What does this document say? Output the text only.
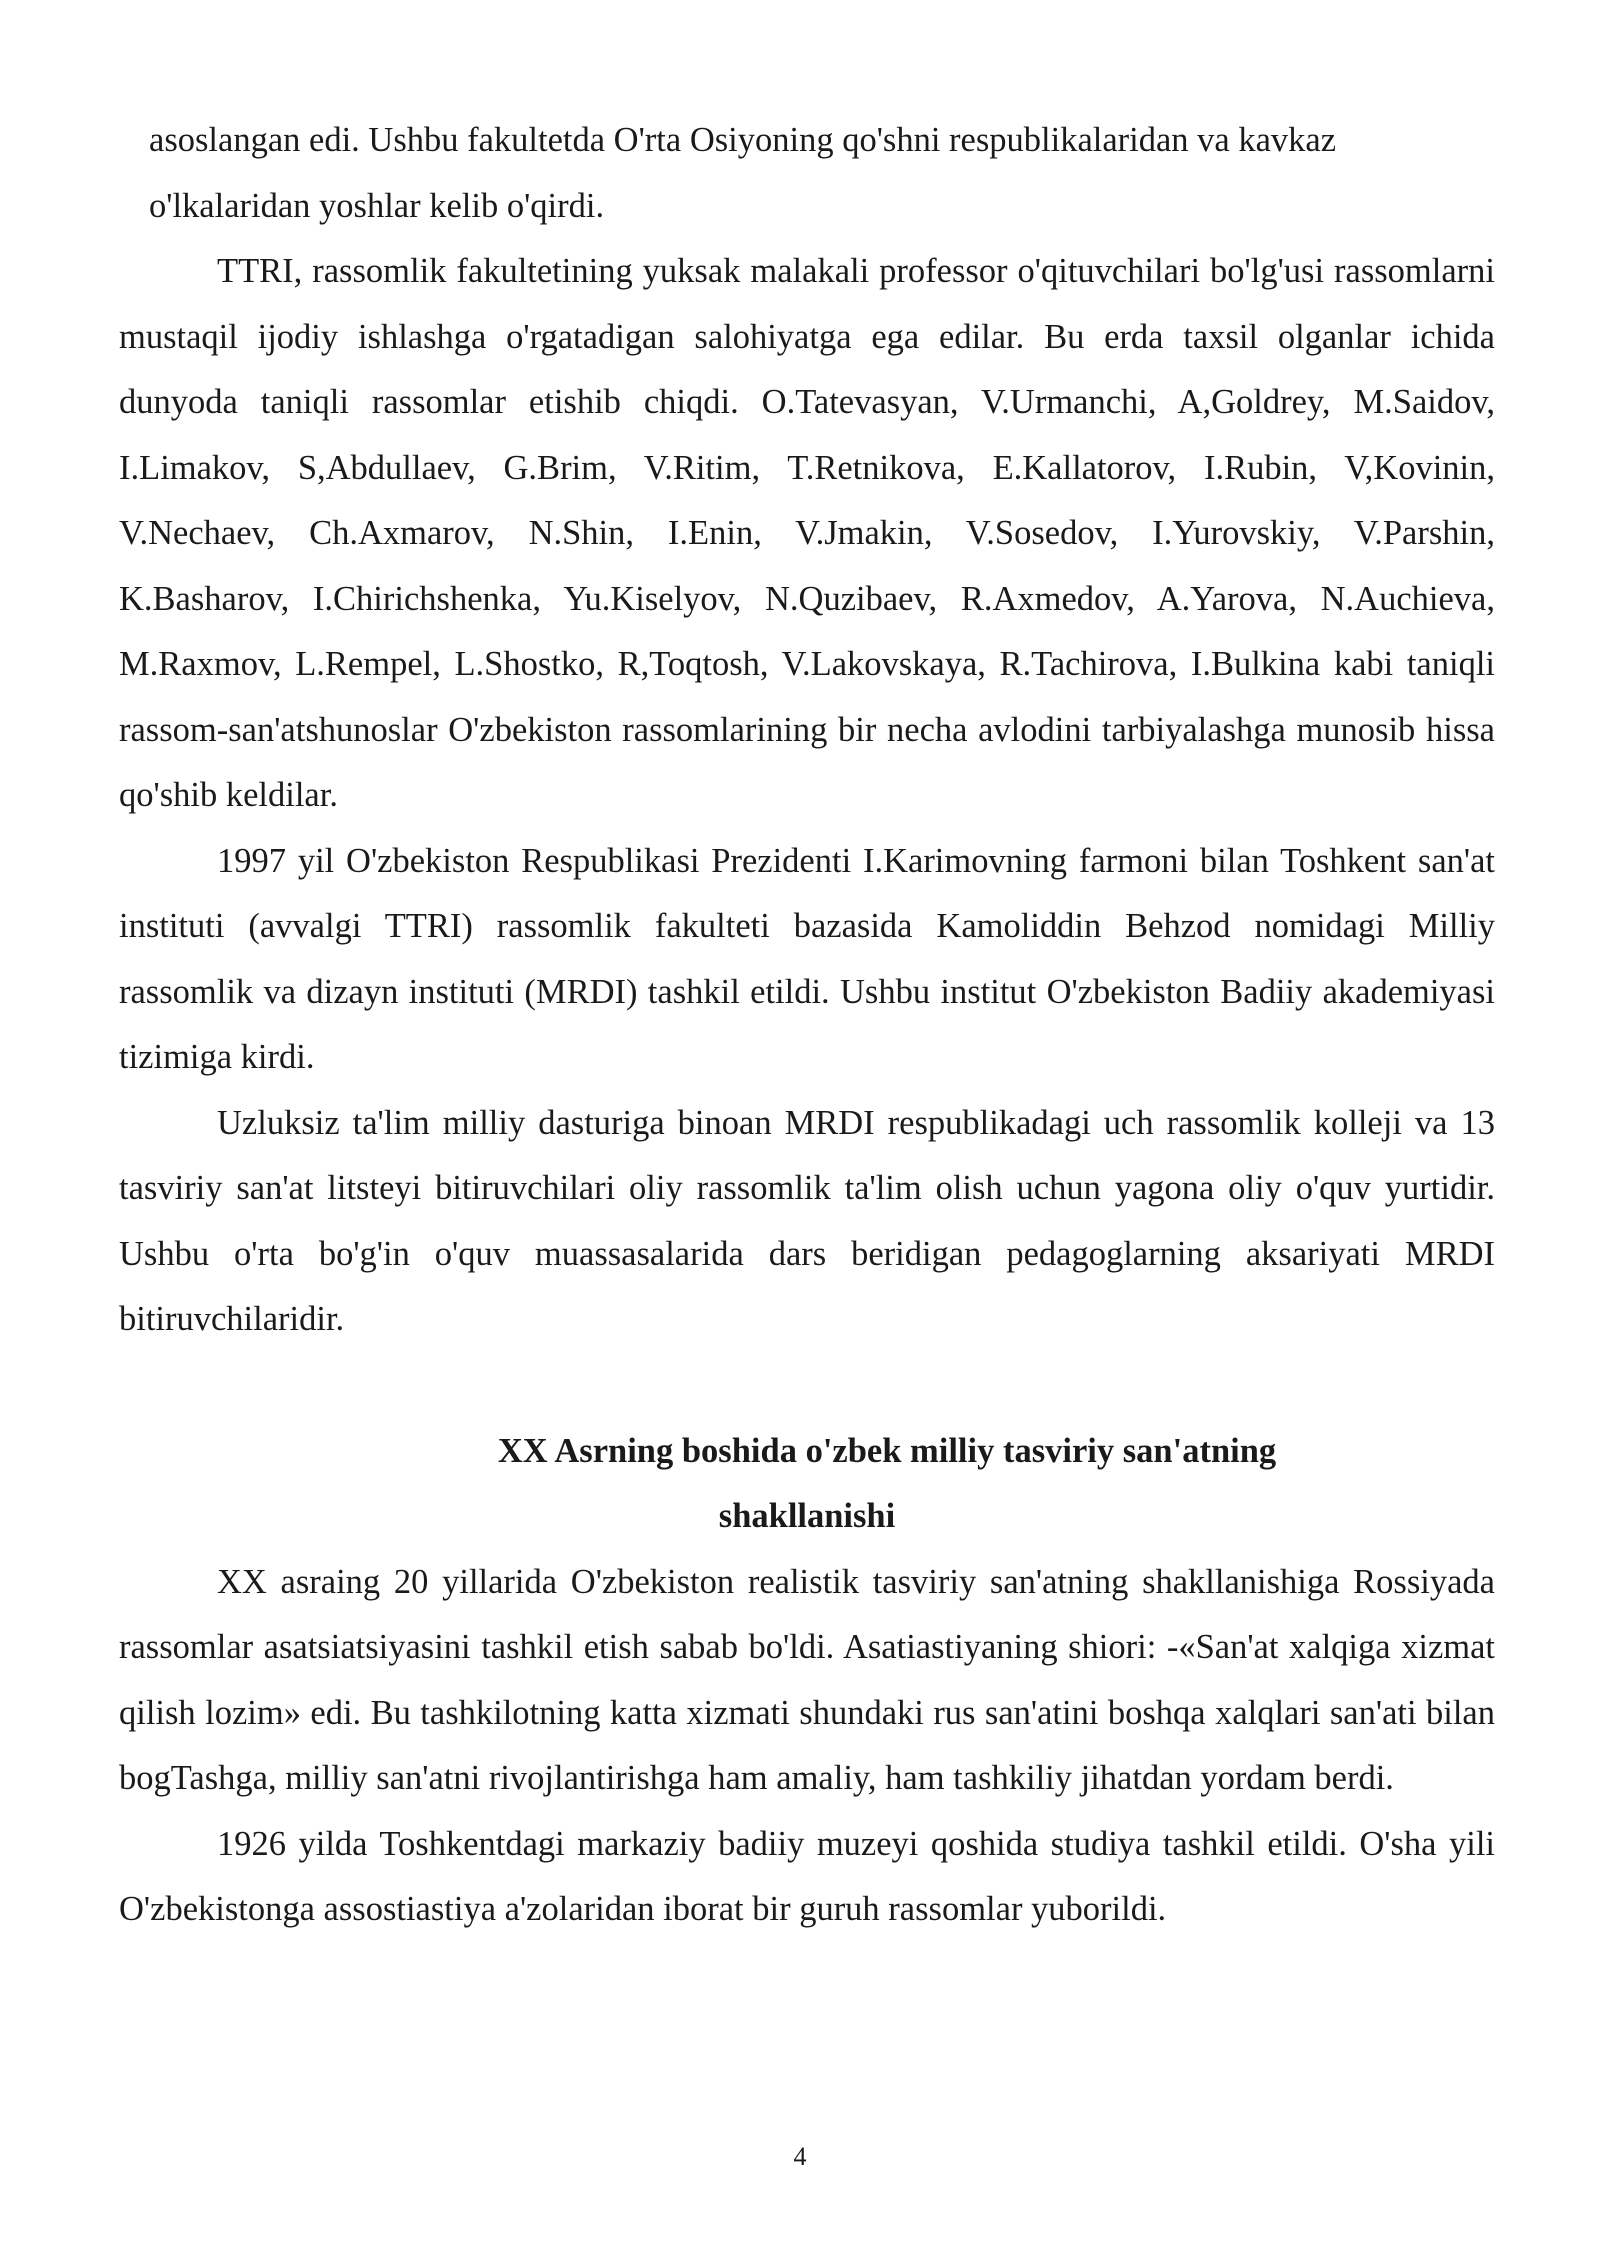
asoslangan edi. Ushbu fakultetda O'rta Osiyoning qo'shni respublikalaridan va kavkaz o'lkalaridan yoshlar kelib o'qirdi.

TTRI, rassomlik fakultetining yuksak malakali professor o'qituvchilari bo'lg'usi rassomlarni mustaqil ijodiy ishlashga o'rgatadigan salohiyatga ega edilar. Bu erda taxsil olganlar ichida dunyoda taniqli rassomlar etishib chiqdi. O.Tatevasyan, V.Urmanchi, A,Goldrey, M.Saidov, I.Limakov, S,Abdullaev, G.Brim, V.Ritim, T.Retnikova, E.Kallatorov, I.Rubin, V,Kovinin, V.Nechaev, Ch.Axmarov, N.Shin, I.Enin, V.Jmakin, V.Sosedov, I.Yurovskiy, V.Parshin, K.Basharov, I.Chirichshenka, Yu.Kiselyov, N.Quzibaev, R.Axmedov, A.Yarova, N.Auchieva, M.Raxmov, L.Rempel, L.Shostko, R,Toqtosh, V.Lakovskaya, R.Tachirova, I.Bulkina kabi taniqli rassom-san'atshunoslar O'zbekiston rassomlarining bir necha avlodini tarbiyalashga munosib hissa qo'shib keldilar.

1997 yil O'zbekiston Respublikasi Prezidenti I.Karimovning farmoni bilan Toshkent san'at instituti (avvalgi TTRI) rassomlik fakulteti bazasida Kamoliddin Behzod nomidagi Milliy rassomlik va dizayn instituti (MRDI) tashkil etildi. Ushbu institut O'zbekiston Badiiy akademiyasi tizimiga kirdi.

Uzluksiz ta'lim milliy dasturiga binoan MRDI respublikadagi uch rassomlik kolleji va 13 tasviriy san'at litsteyi bitiruvchilari oliy rassomlik ta'lim olish uchun yagona oliy o'quv yurtidir. Ushbu o'rta bo'g'in o'quv muassasalarida dars beridigan pedagoglarning aksariyati MRDI bitiruvchilaridir.

XX Asrning boshida o'zbek milliy tasviriy san'atning
shakllanishi

XX asraing 20 yillarida O'zbekiston realistik tasviriy san'atning shakllanishiga Rossiyada rassomlar asatsiatsiyasini tashkil etish sabab bo'ldi. Asatiastiyaning shiori: -«San'at xalqiga xizmat qilish lozim» edi. Bu tashkilotning katta xizmati shundaki rus san'atini boshqa xalqlari san'ati bilan bogTashga, milliy san'atni rivojlantirishga ham amaliy, ham tashkiliy jihatdan yordam berdi.

1926 yilda Toshkentdagi markaziy badiiy muzeyi qoshida studiya tashkil etildi. O'sha yili O'zbekistonga assostiastiya a'zolaridan iborat bir guruh rassomlar yuborildi.

4
